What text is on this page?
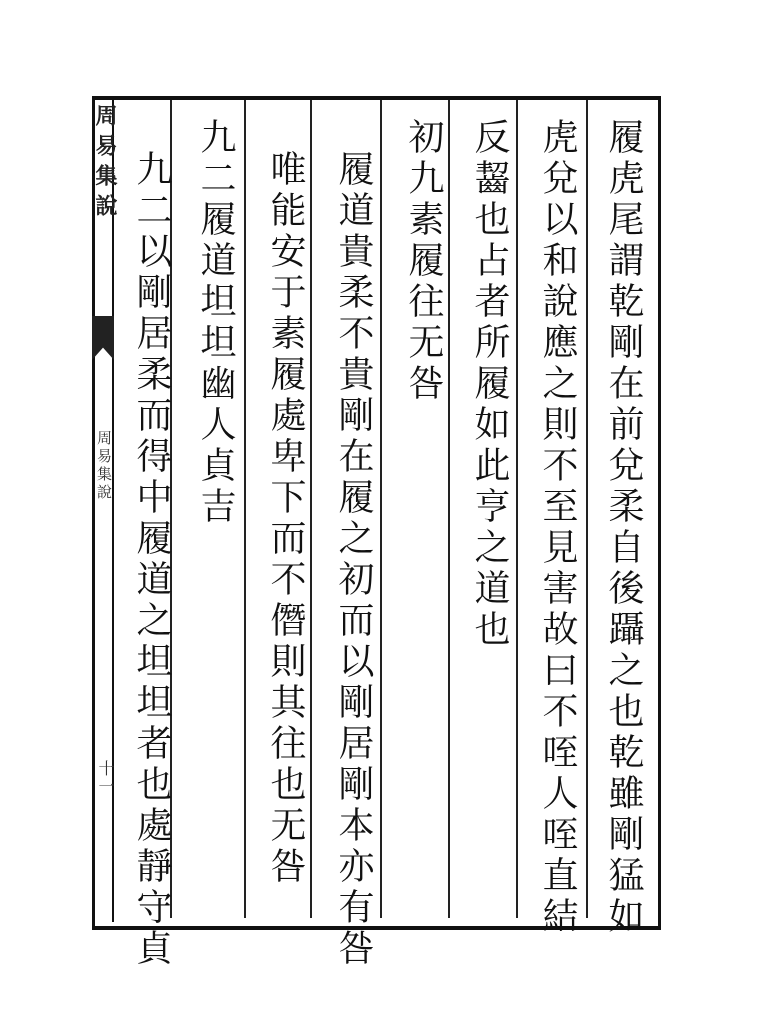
周易集說
周易集說
十一	履虎尾謂乾剛在前兌柔自後躡之也乾雖剛猛如
虎兌以和說應之則不至見害故曰不咥人咥直結
反齧也占者所履如此亨之道也
初九素履往无咎
履道貴柔不貴剛在履之初而以剛居剛本亦有咎
唯能安于素履處卑下而不僭則其往也无咎
九二履道坦坦幽人貞吉
九二以剛居柔而得中履道之坦坦者也處靜守貞
